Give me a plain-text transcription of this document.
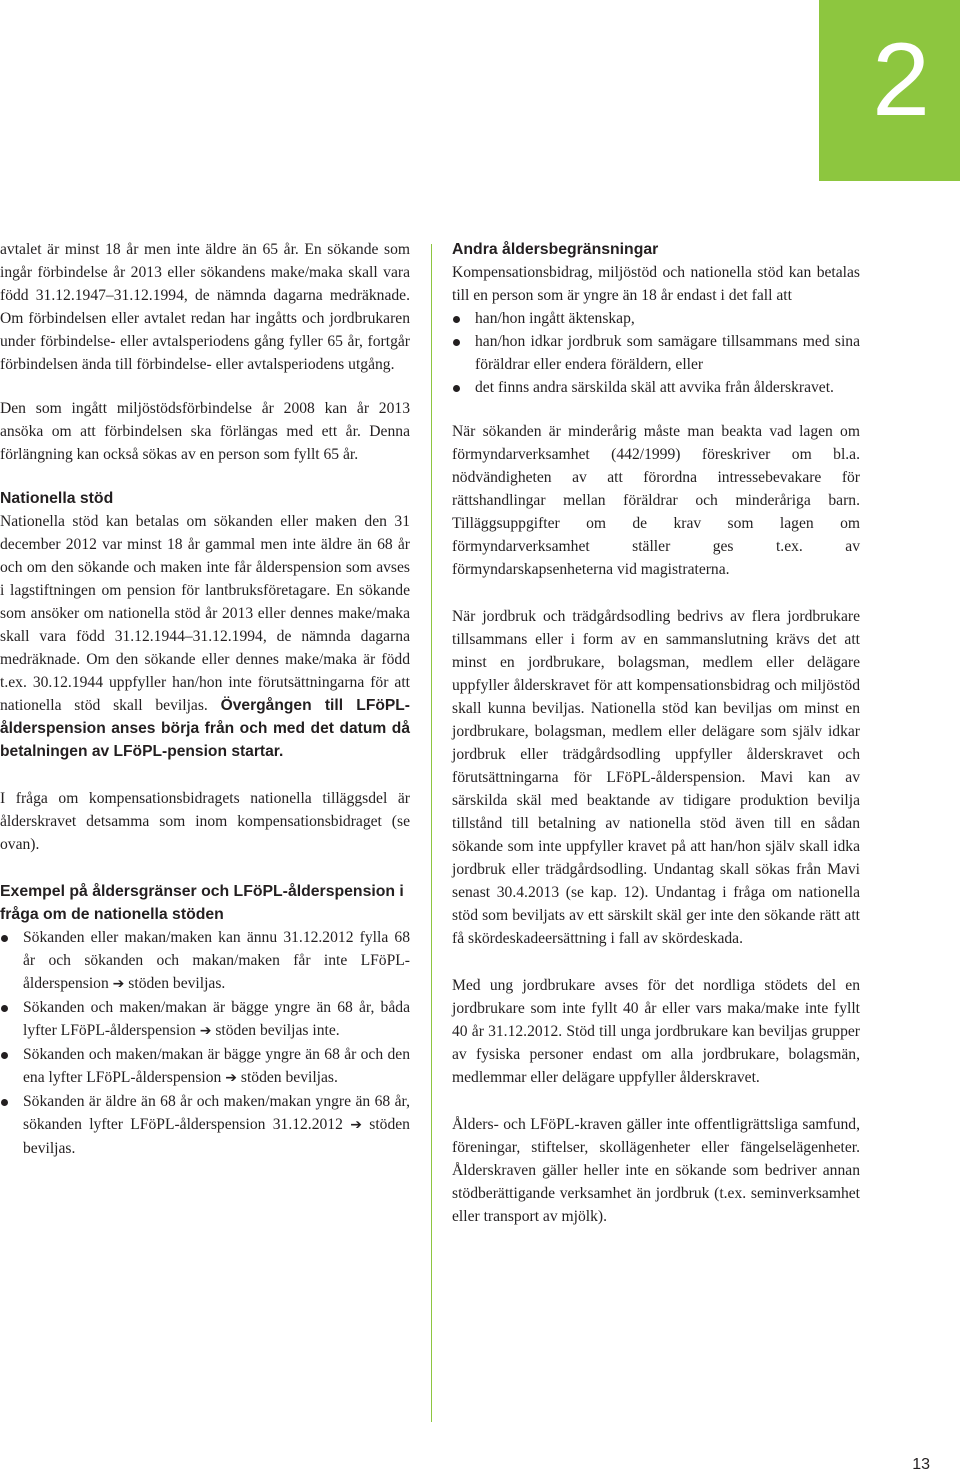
2

avtalet är minst 18 år men inte äldre än 65 år. En sökande som ingår förbindelse år 2013 eller sökandens make/maka skall vara född 31.12.1947–31.12.1994, de nämnda dagarna medräknade. Om förbindelsen eller avtalet redan har ingåtts och jordbrukaren under förbindelse- eller avtalsperiodens gång fyller 65 år, fortgår förbindelsen ända till förbindelse- eller avtalsperiodens utgång.

Den som ingått miljöstödsförbindelse år 2008 kan år 2013 ansöka om att förbindelsen ska förlängas med ett år. Denna förlängning kan också sökas av en person som fyllt 65 år.

Nationella stöd

Nationella stöd kan betalas om sökanden eller maken den 31 december 2012 var minst 18 år gammal men inte äldre än 68 år och om den sökande och maken inte får ålderspension som avses i lagstiftningen om pension för lantbruksföretagare. En sökande som ansöker om nationella stöd år 2013 eller dennes make/maka skall vara född 31.12.1944–31.12.1994, de nämnda dagarna medräknade. Om den sökande eller dennes make/maka är född t.ex. 30.12.1944 uppfyller han/hon inte förutsättningarna för att nationella stöd skall beviljas. Övergången till LFöPL-ålderspension anses börja från och med det datum då betalningen av LFöPL-pension startar.

I fråga om kompensationsbidragets nationella tilläggsdel är ålderskravet detsamma som inom kompensationsbidraget (se ovan).

Exempel på åldersgränser och LFöPL-ålderspension i fråga om de nationella stöden
Sökanden eller makan/maken kan ännu 31.12.2012 fylla 68 år och sökanden och makan/maken får inte LFöPL-ålderspension ➔ stöden beviljas.
Sökanden och maken/makan är bägge yngre än 68 år, båda lyfter LFöPL-ålderspension ➔ stöden beviljas inte.
Sökanden och maken/makan är bägge yngre än 68 år och den ena lyfter LFöPL-ålderspension ➔ stöden beviljas.
Sökanden är äldre än 68 år och maken/makan yngre än 68 år, sökanden lyfter LFöPL-ålderspension 31.12.2012 ➔ stöden beviljas.
Andra åldersbegränsningar

Kompensationsbidrag, miljöstöd och nationella stöd kan betalas till en person som är yngre än 18 år endast i det fall att

han/hon ingått äktenskap,
han/hon idkar jordbruk som samägare tillsammans med sina föräldrar eller endera föräldern, eller
det finns andra särskilda skäl att avvika från ålderskravet.

När sökanden är minderårig måste man beakta vad lagen om förmyndarverksamhet (442/1999) föreskriver om bl.a. nödvändigheten av att förordna intressebevakare för rättshandlingar mellan föräldrar och minderåriga barn. Tilläggsuppgifter om de krav som lagen om förmyndarverksamhet ställer ges t.ex. av förmyndarskapsenheterna vid magistraterna.

När jordbruk och trädgårdsodling bedrivs av flera jordbrukare tillsammans eller i form av en sammanslutning krävs det att minst en jordbrukare, bolagsman, medlem eller delägare uppfyller ålderskravet för att kompensationsbidrag och miljöstöd skall kunna beviljas. Nationella stöd kan beviljas om minst en jordbrukare, bolagsman, medlem eller delägare som själv idkar jordbruk eller trädgårdsodling uppfyller ålderskravet och förutsättningarna för LFöPL-ålderspension. Mavi kan av särskilda skäl med beaktande av tidigare produktion bevilja tillstånd till betalning av nationella stöd även till en sådan sökande som inte uppfyller kravet på att han/hon själv skall idka jordbruk eller trädgårdsodling. Undantag skall sökas från Mavi senast 30.4.2013 (se kap. 12). Undantag i fråga om nationella stöd som beviljats av ett särskilt skäl ger inte den sökande rätt att få skördeskadeersättning i fall av skördeskada.

Med ung jordbrukare avses för det nordliga stödets del en jordbrukare som inte fyllt 40 år eller vars maka/make inte fyllt 40 år 31.12.2012. Stöd till unga jordbrukare kan beviljas grupper av fysiska personer endast om alla jordbrukare, bolagsmän, medlemmar eller delägare uppfyller ålderskravet.

Ålders- och LFöPL-kraven gäller inte offentligrättsliga samfund, föreningar, stiftelser, skollägenheter eller fängelselägenheter. Ålderskraven gäller heller inte en sökande som bedriver annan stödberättigande verksamhet än jordbruk (t.ex. seminverksamhet eller transport av mjölk).

13
